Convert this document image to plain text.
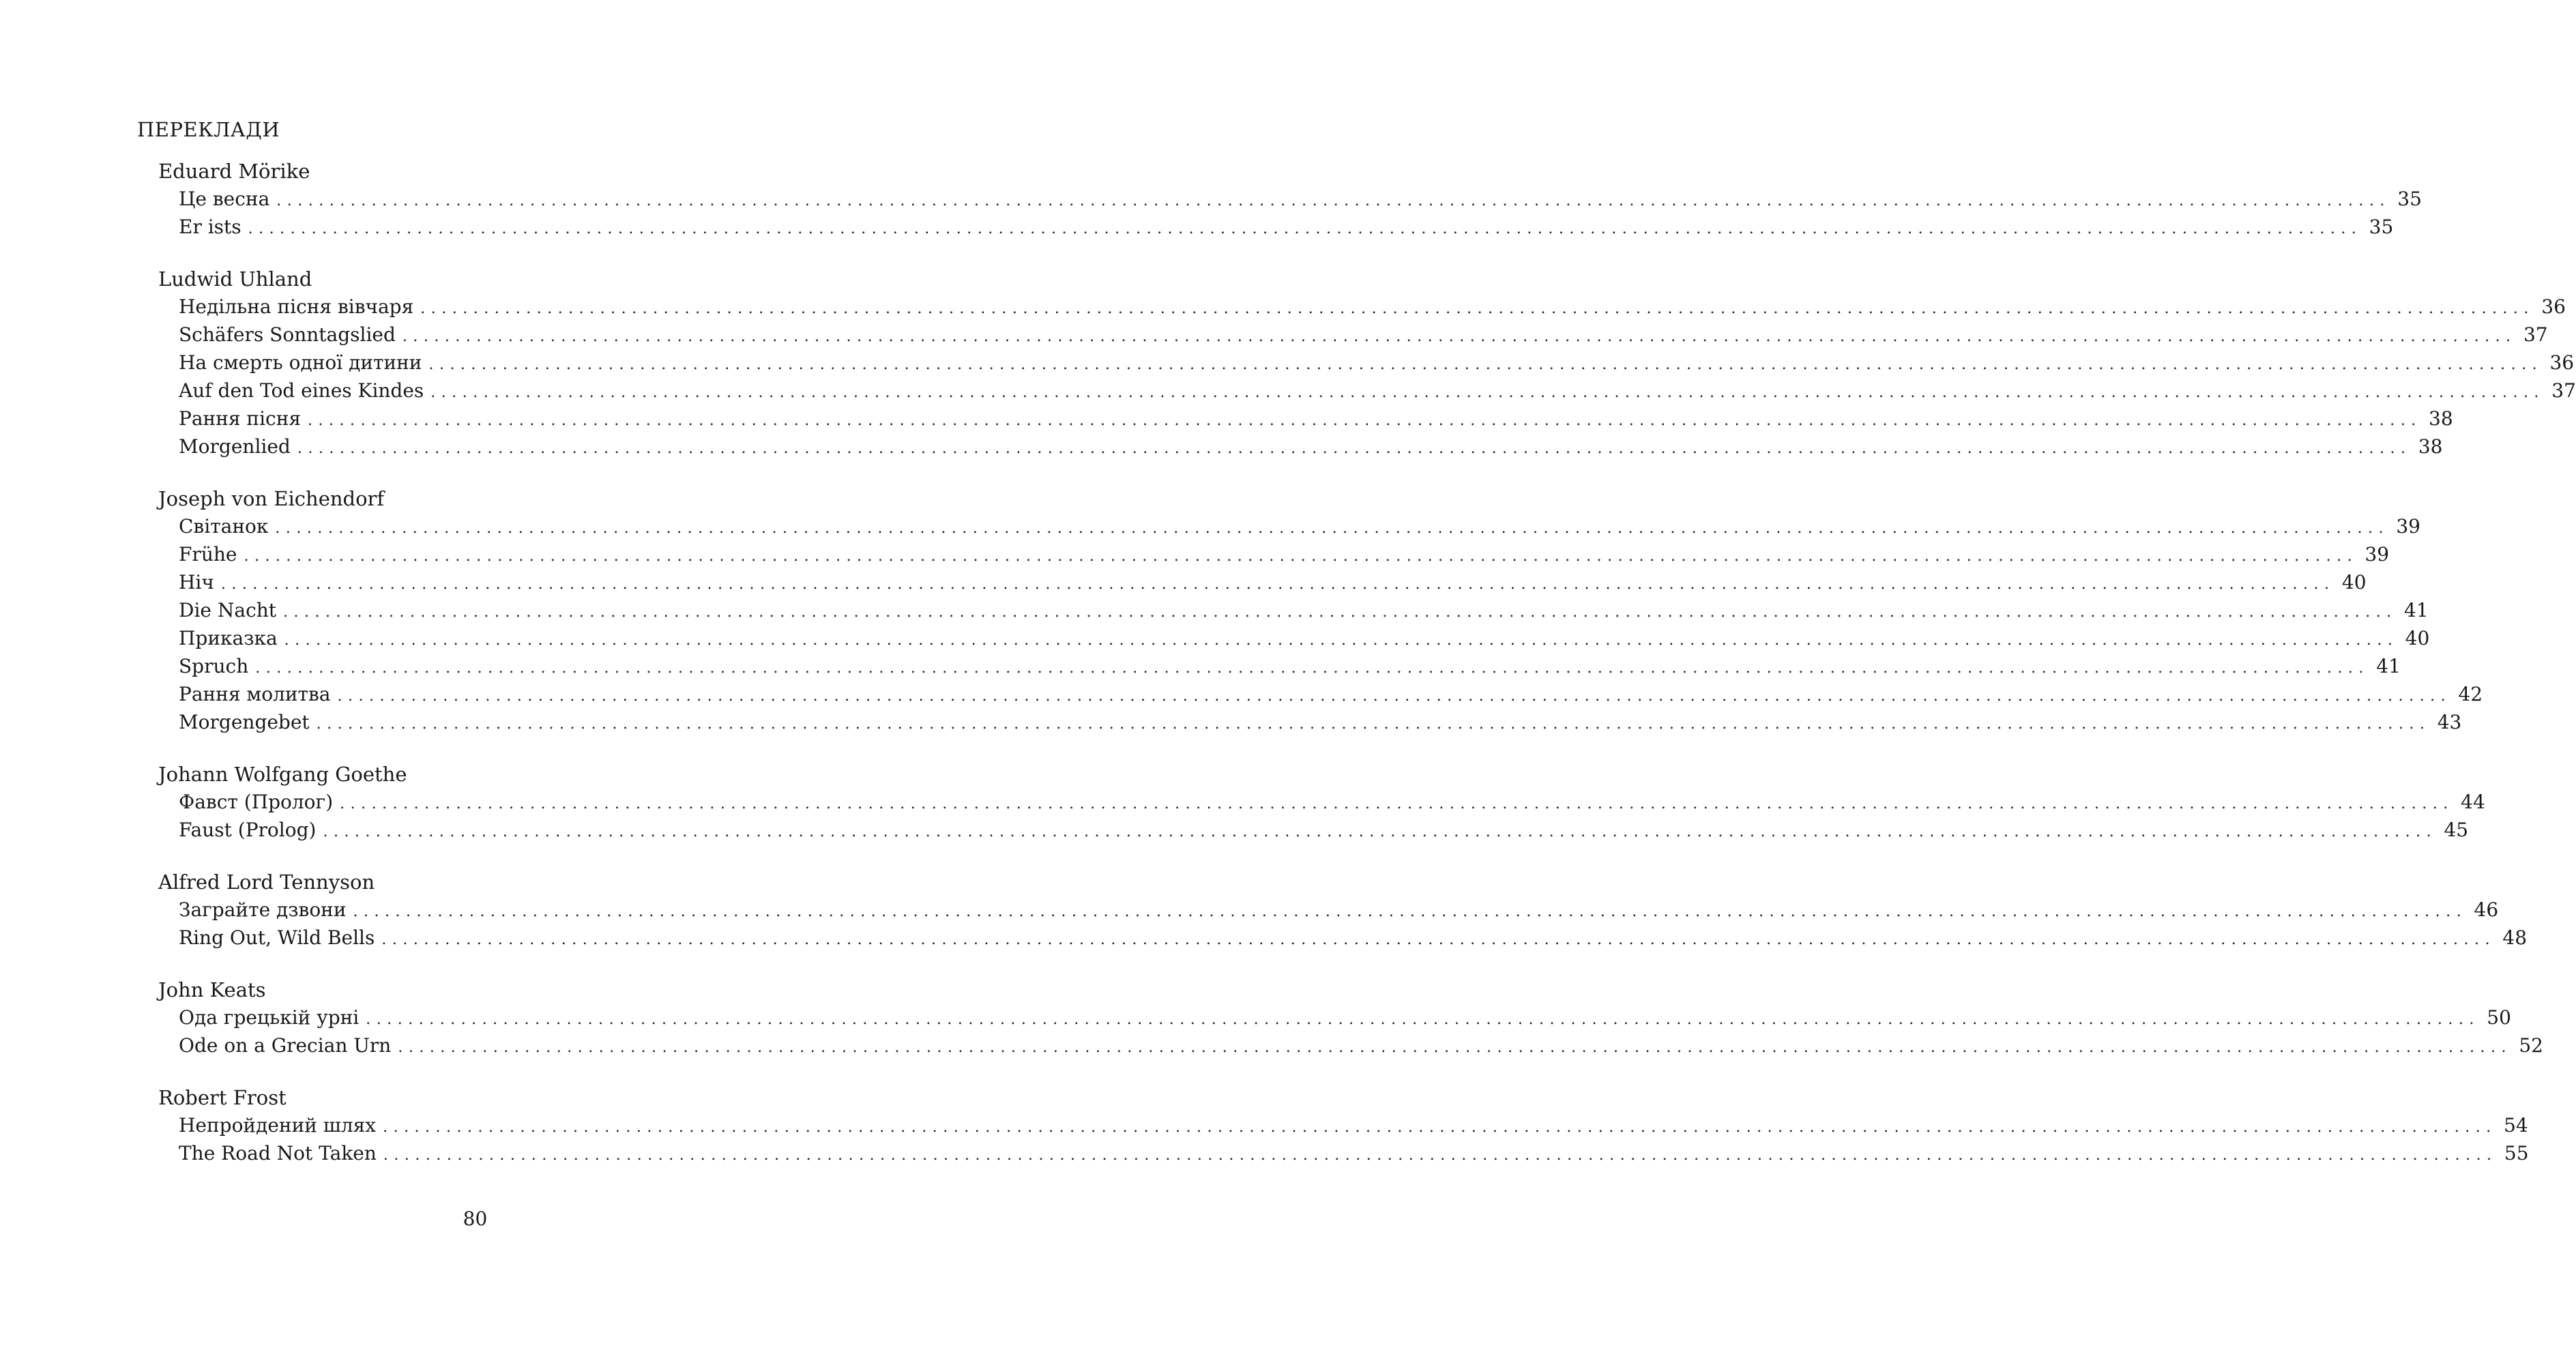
ПЕРЕКЛАДИ
Eduard Mörike
Це весна ........................................................................................................................................................................................................ 35
Er ists ........................................................................................................................................................................................................ 35
Ludwid Uhland
Недільна пісня вівчаря ........................................................................................................................................................................................................ 36
Schäfers Sonntagslied ........................................................................................................................................................................................................ 37
На смерть одної дитини ........................................................................................................................................................................................................ 36
Auf den Tod eines Kindes ........................................................................................................................................................................................................ 37
Рання пісня ........................................................................................................................................................................................................ 38
Morgenlied ........................................................................................................................................................................................................ 38
Joseph von Eichendorf
Світанок ........................................................................................................................................................................................................ 39
Frühe ........................................................................................................................................................................................................ 39
Ніч ........................................................................................................................................................................................................ 40
Die Nacht ........................................................................................................................................................................................................ 41
Приказка ........................................................................................................................................................................................................ 40
Spruch ........................................................................................................................................................................................................ 41
Рання молитва ........................................................................................................................................................................................................ 42
Morgengebet ........................................................................................................................................................................................................ 43
Johann Wolfgang Goethe
Фавст (Пролог) ........................................................................................................................................................................................................ 44
Faust (Prolog) ........................................................................................................................................................................................................ 45
Alfred Lord Tennyson
Заграйте дзвони ........................................................................................................................................................................................................ 46
Ring Out, Wild Bells ........................................................................................................................................................................................................ 48
John Keats
Ода грецькій урні ........................................................................................................................................................................................................ 50
Ode on a Grecian Urn ........................................................................................................................................................................................................ 52
Robert Frost
Непройдений шлях ........................................................................................................................................................................................................ 54
The Road Not Taken ........................................................................................................................................................................................................ 55
80
